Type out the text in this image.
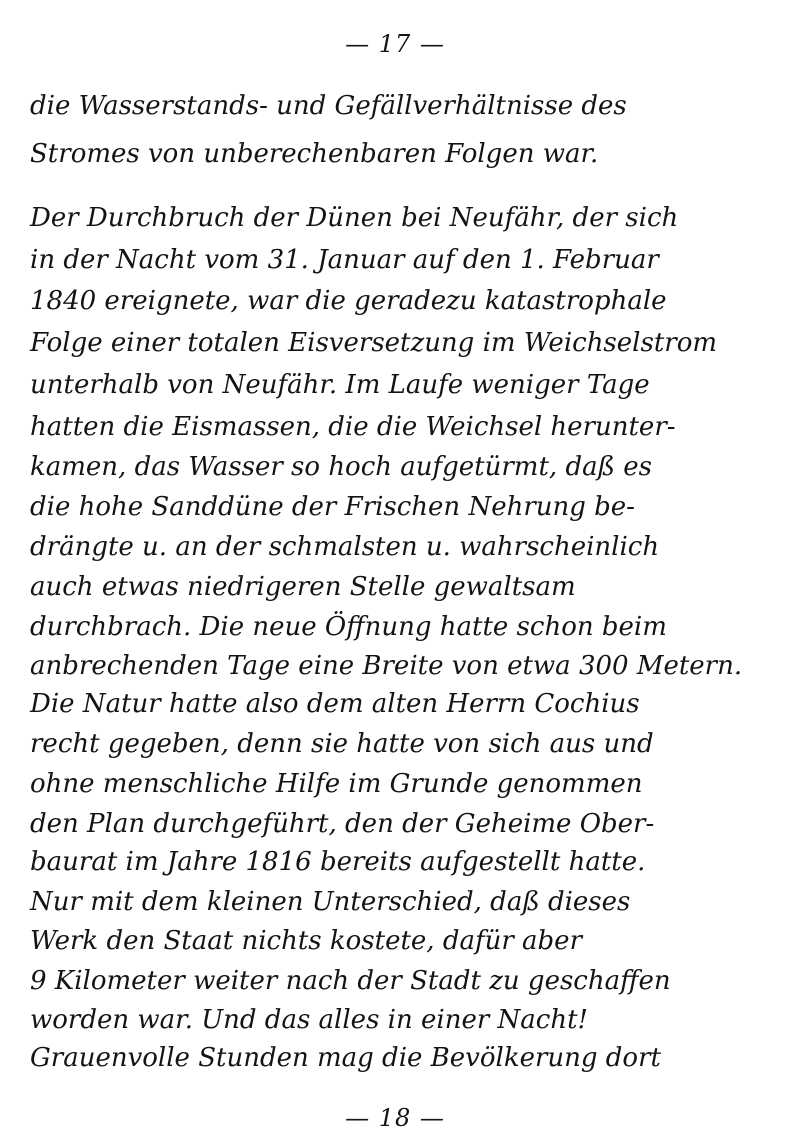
— 17 —
die Wasserstands- und Gefällverhältnisse des
Stromes von unberechenbaren Folgen war.
Der Durchbruch der Dünen bei Neufähr, der sich
in der Nacht vom 31. Januar auf den 1. Februar
1840 ereignete, war die geradezu katastrophale
Folge einer totalen Eisversetzung im Weichselstrom
unterhalb von Neufähr. Im Laufe weniger Tage
hatten die Eismassen, die die Weichsel herunter-
kamen, das Wasser so hoch aufgetürmt, daß es
die hohe Sanddüne der Frischen Nehrung be-
drängte u. an der schmalsten u. wahrscheinlich
auch etwas niedrigeren Stelle gewaltsam
durchbrach. Die neue Öffnung hatte schon beim
anbrechenden Tage eine Breite von etwa 300 Metern.
Die Natur hatte also dem alten Herrn Cochius
recht gegeben, denn sie hatte von sich aus und
ohne menschliche Hilfe im Grunde genommen
den Plan durchgeführt, den der Geheime Ober-
baurat im Jahre 1816 bereits aufgestellt hatte.
Nur mit dem kleinen Unterschied, daß dieses
Werk den Staat nichts kostete, dafür aber
9 Kilometer weiter nach der Stadt zu geschaffen
worden war. Und das alles in einer Nacht!
Grauenvolle Stunden mag die Bevölkerung dort
— 18 —
